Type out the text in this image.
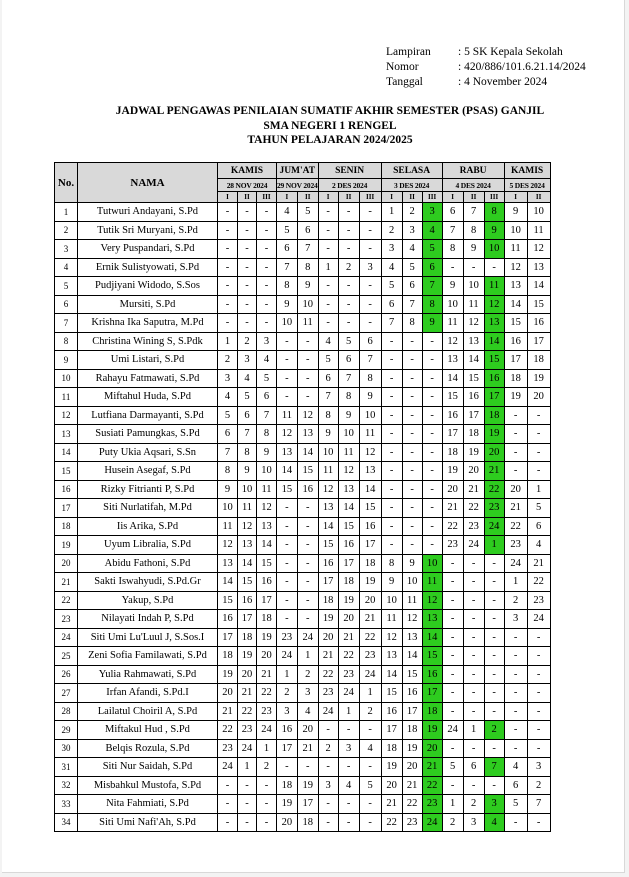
Lampiran	: 5 SK Kepala Sekolah
Nomor	: 420/886/101.6.21.14/2024
Tanggal	: 4 November 2024
JADWAL PENGAWAS PENILAIAN SUMATIF AKHIR SEMESTER (PSAS) GANJIL
SMA NEGERI 1 RENGEL
TAHUN PELAJARAN 2024/2025
No.	NAMA	KAMIS			JUM'AT		SENIN			SELASA			RABU			KAMIS	
		28 NOV 2024			29 NOV 2024		2 DES 2024			3 DES 2024			4 DES 2024			5 DES 2024	
		I	II	III	I	II	I	II	III	I	II	III	I	II	III	I	II
1	Tutwuri Andayani, S.Pd	-	-	-	4	5	-	-	-	1	2	3	6	7	8	9	10
2	Tutik Sri Muryani, S.Pd	-	-	-	5	6	-	-	-	2	3	4	7	8	9	10	11
3	Very Puspandari, S.Pd	-	-	-	6	7	-	-	-	3	4	5	8	9	10	11	12
4	Ernik Sulistyowati, S.Pd	-	-	-	7	8	1	2	3	4	5	6	-	-	-	12	13
5	Pudjiyani Widodo, S.Sos	-	-	-	8	9	-	-	-	5	6	7	9	10	11	13	14
6	Mursiti, S.Pd	-	-	-	9	10	-	-	-	6	7	8	10	11	12	14	15
7	Krishna Ika Saputra, M.Pd	-	-	-	10	11	-	-	-	7	8	9	11	12	13	15	16
8	Christina Wining S, S.Pdk	1	2	3	-	-	4	5	6	-	-	-	12	13	14	16	17
9	Umi Listari, S.Pd	2	3	4	-	-	5	6	7	-	-	-	13	14	15	17	18
10	Rahayu Fatmawati, S.Pd	3	4	5	-	-	6	7	8	-	-	-	14	15	16	18	19
11	Miftahul Huda, S.Pd	4	5	6	-	-	7	8	9	-	-	-	15	16	17	19	20
12	Lutfiana Darmayanti, S.Pd	5	6	7	11	12	8	9	10	-	-	-	16	17	18	-	-
13	Susiati Pamungkas, S.Pd	6	7	8	12	13	9	10	11	-	-	-	17	18	19	-	-
14	Puty Ukia Aqsari, S.Sn	7	8	9	13	14	10	11	12	-	-	-	18	19	20	-	-
15	Husein Asegaf, S.Pd	8	9	10	14	15	11	12	13	-	-	-	19	20	21	-	-
16	Rizky Fitrianti P, S.Pd	9	10	11	15	16	12	13	14	-	-	-	20	21	22	20	1
17	Siti Nurlatifah, M.Pd	10	11	12	-	-	13	14	15	-	-	-	21	22	23	21	5
18	Iis Arika, S.Pd	11	12	13	-	-	14	15	16	-	-	-	22	23	24	22	6
19	Uyum Libralia, S.Pd	12	13	14	-	-	15	16	17	-	-	-	23	24	1	23	4
20	Abidu Fathoni, S.Pd	13	14	15	-	-	16	17	18	8	9	10	-	-	-	24	21
21	Sakti Iswahyudi, S.Pd.Gr	14	15	16	-	-	17	18	19	9	10	11	-	-	-	1	22
22	Yakup, S.Pd	15	16	17	-	-	18	19	20	10	11	12	-	-	-	2	23
23	Nilayati Indah P, S.Pd	16	17	18	-	-	19	20	21	11	12	13	-	-	-	3	24
24	Siti Umi Lu'Luul J, S.Sos.I	17	18	19	23	24	20	21	22	12	13	14	-	-	-	-	-
25	Zeni Sofia Familawati, S.Pd	18	19	20	24	1	21	22	23	13	14	15	-	-	-	-	-
26	Yulia Rahmawati, S.Pd	19	20	21	1	2	22	23	24	14	15	16	-	-	-	-	-
27	Irfan Afandi, S.Pd.I	20	21	22	2	3	23	24	1	15	16	17	-	-	-	-	-
28	Lailatul Choiril A, S.Pd	21	22	23	3	4	24	1	2	16	17	18	-	-	-	-	-
29	Miftakul Hud , S.Pd	22	23	24	16	20	-	-	-	17	18	19	24	1	2	-	-
30	Belqis Rozula, S.Pd	23	24	1	17	21	2	3	4	18	19	20	-	-	-	-	-
31	Siti Nur Saidah, S.Pd	24	1	2	-	-	-	-	-	19	20	21	5	6	7	4	3
32	Misbahkul Mustofa, S.Pd	-	-	-	18	19	3	4	5	20	21	22	-	-	-	6	2
33	Nita Fahmiati, S.Pd	-	-	-	19	17	-	-	-	21	22	23	1	2	3	5	7
34	Siti Umi Nafi'Ah, S.Pd	-	-	-	20	18	-	-	-	22	23	24	2	3	4	-	-
